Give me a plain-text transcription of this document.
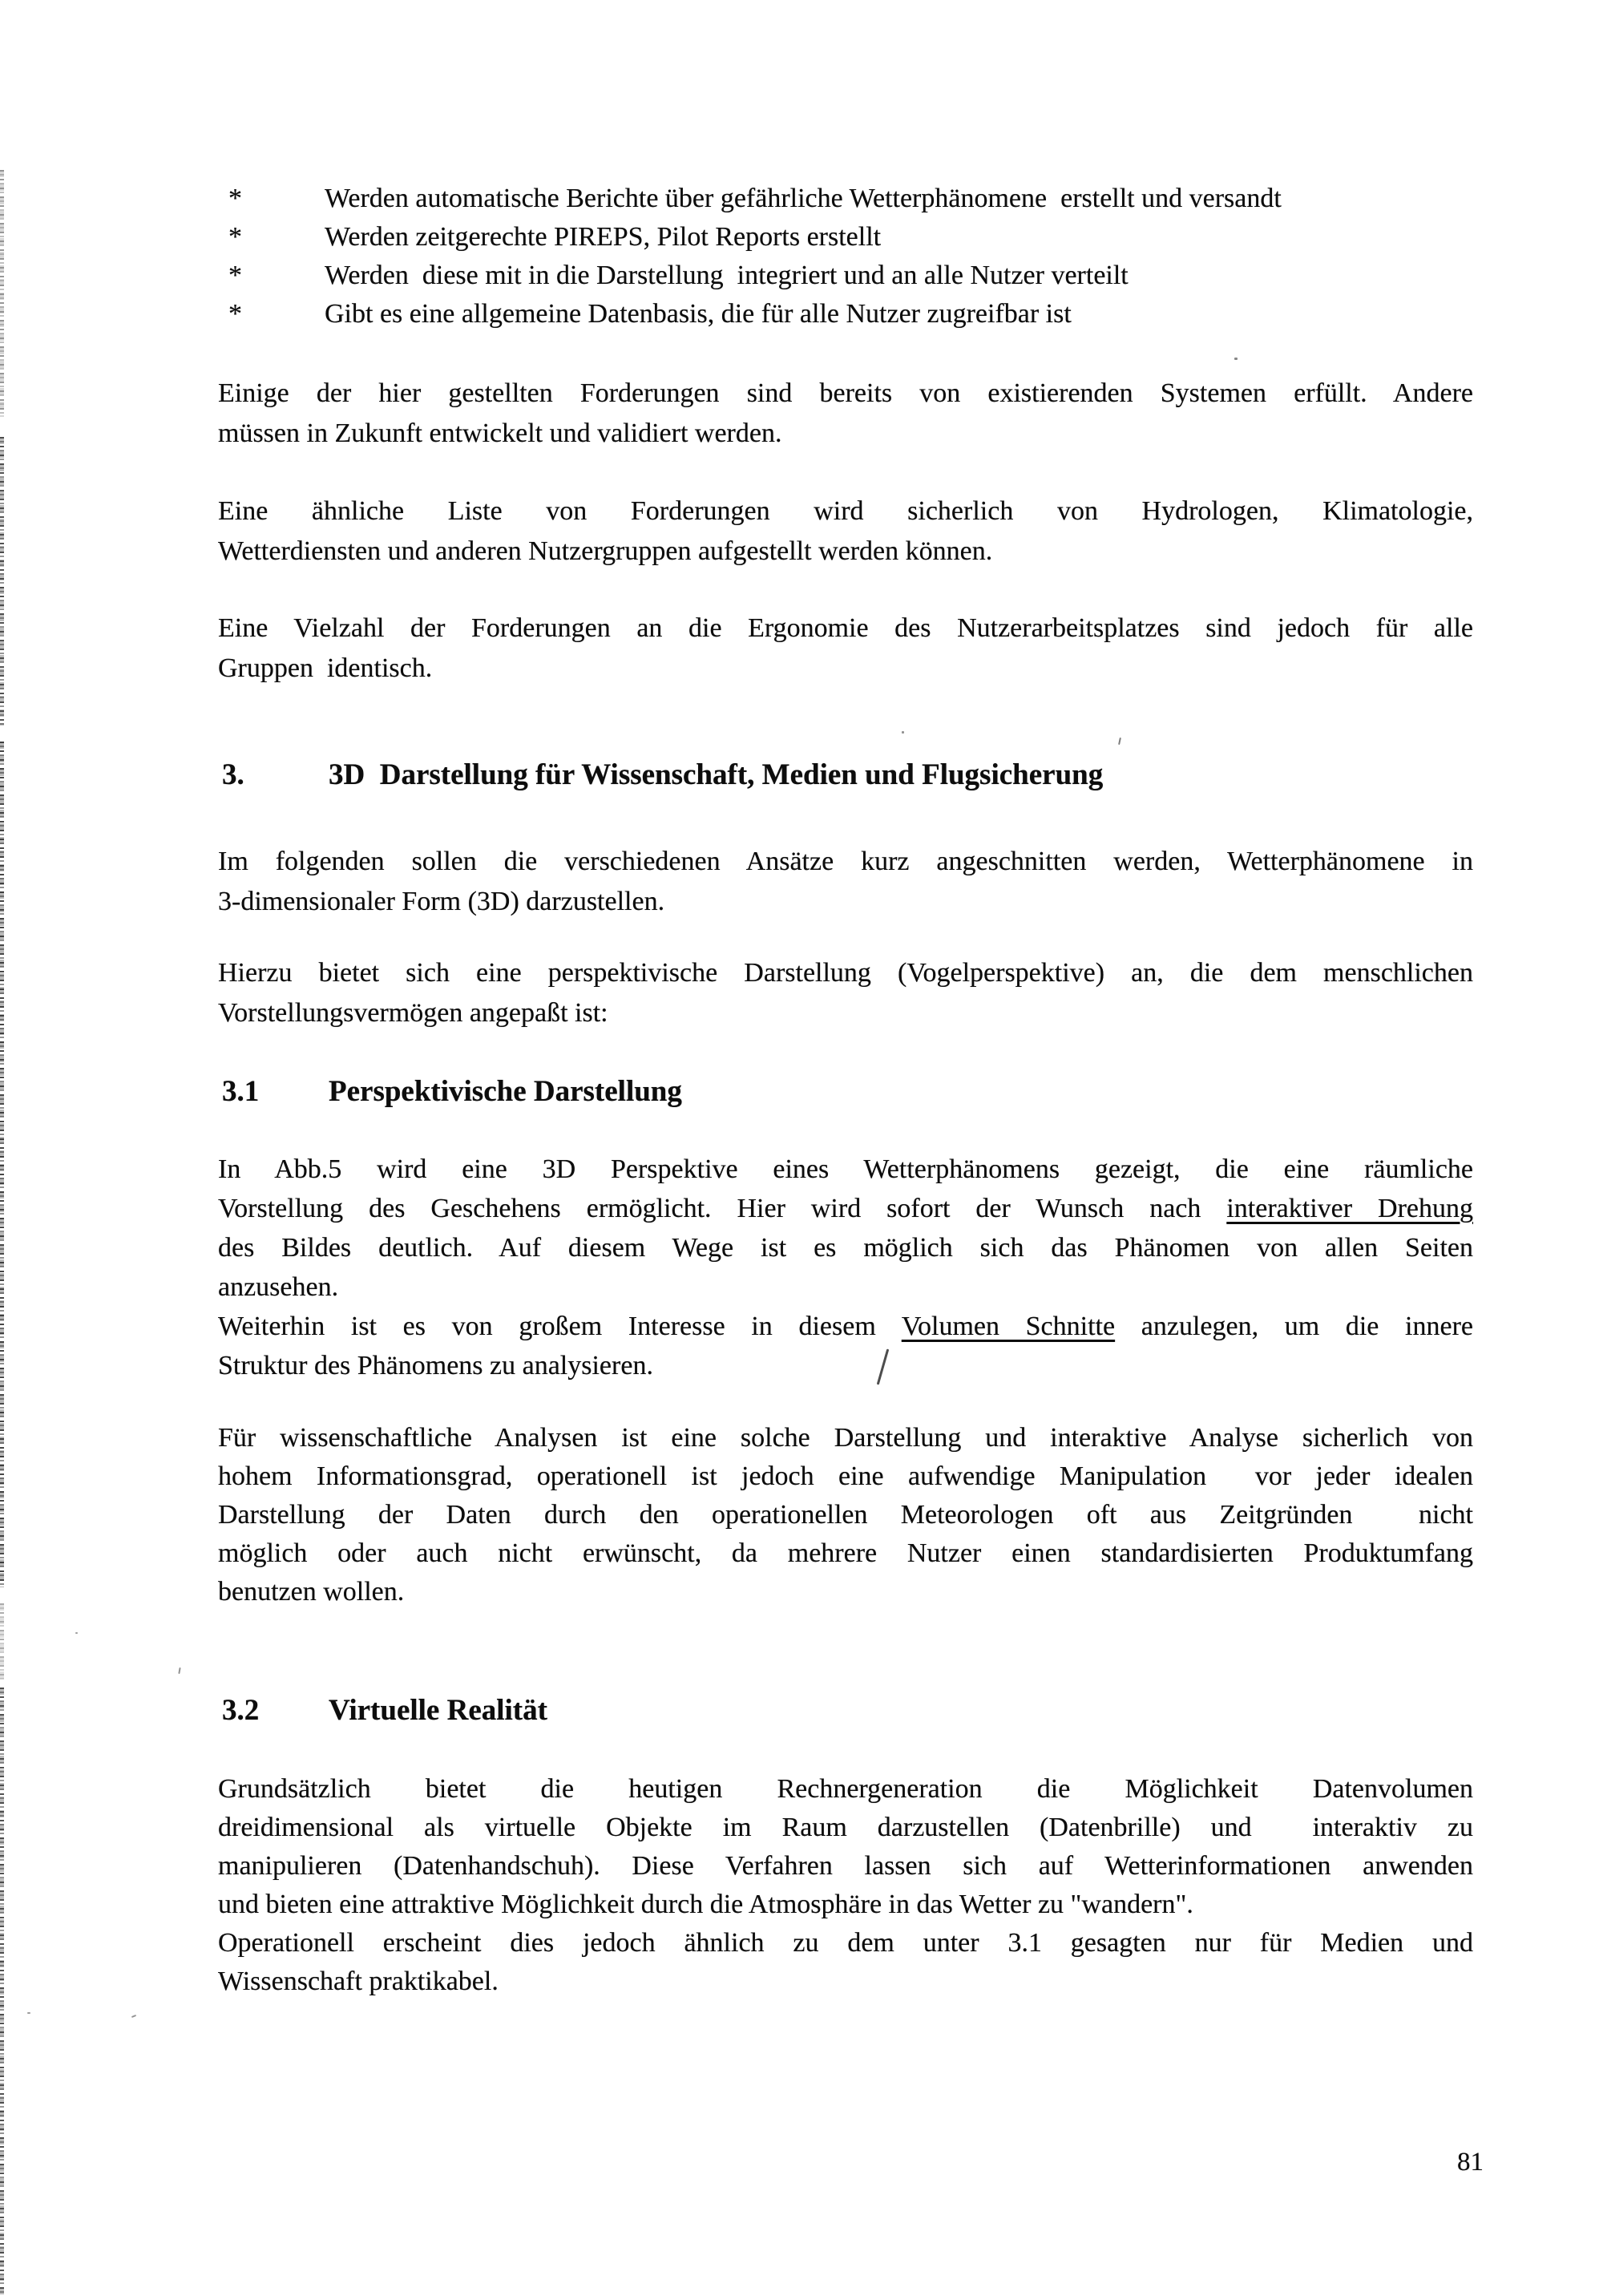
*	Werden automatische Berichte über gefährliche Wetterphänomene  erstellt und versandt
*	Werden zeitgerechte PIREPS, Pilot Reports erstellt
*	Werden  diese mit in die Darstellung  integriert und an alle Nutzer verteilt
*	Gibt es eine allgemeine Datenbasis, die für alle Nutzer zugreifbar ist
Einige der hier gestellten Forderungen sind bereits von existierenden Systemen erfüllt. Andere
müssen in Zukunft entwickelt und validiert werden.
Eine ähnliche Liste von Forderungen wird sicherlich von Hydrologen, Klimatologie,
Wetterdiensten und anderen Nutzergruppen aufgestellt werden können.
Eine Vielzahl der Forderungen an die Ergonomie des Nutzerarbeitsplatzes sind jedoch für alle
Gruppen  identisch.
3.	3D  Darstellung für Wissenschaft, Medien und Flugsicherung
Im folgenden sollen die verschiedenen Ansätze kurz angeschnitten werden, Wetterphänomene in
3-dimensionaler Form (3D) darzustellen.
Hierzu bietet sich eine perspektivische Darstellung (Vogelperspektive) an, die dem menschlichen
Vorstellungsvermögen angepaßt ist:
3.1	Perspektivische Darstellung
In Abb.5 wird eine 3D Perspektive eines Wetterphänomens gezeigt, die eine räumliche
Vorstellung des Geschehens ermöglicht. Hier wird sofort der Wunsch nach interaktiver Drehung
des Bildes deutlich. Auf diesem Wege ist es möglich sich das Phänomen von allen Seiten
anzusehen.
Weiterhin ist es von großem Interesse in diesem Volumen Schnitte anzulegen, um die innere
Struktur des Phänomens zu analysieren.
Für wissenschaftliche Analysen ist eine solche Darstellung und interaktive Analyse sicherlich von
hohem Informationsgrad, operationell ist jedoch eine aufwendige Manipulation  vor jeder idealen
Darstellung der Daten durch den operationellen Meteorologen oft aus Zeitgründen  nicht
möglich oder auch nicht erwünscht, da mehrere Nutzer einen standardisierten Produktumfang
benutzen wollen.
3.2	Virtuelle Realität
Grundsätzlich bietet die heutigen Rechnergeneration die Möglichkeit Datenvolumen
dreidimensional als virtuelle Objekte im Raum darzustellen (Datenbrille) und  interaktiv zu
manipulieren (Datenhandschuh). Diese Verfahren lassen sich auf Wetterinformationen anwenden
und bieten eine attraktive Möglichkeit durch die Atmosphäre in das Wetter zu "wandern".
Operationell erscheint dies jedoch ähnlich zu dem unter 3.1 gesagten nur für Medien und
Wissenschaft praktikabel.
81
